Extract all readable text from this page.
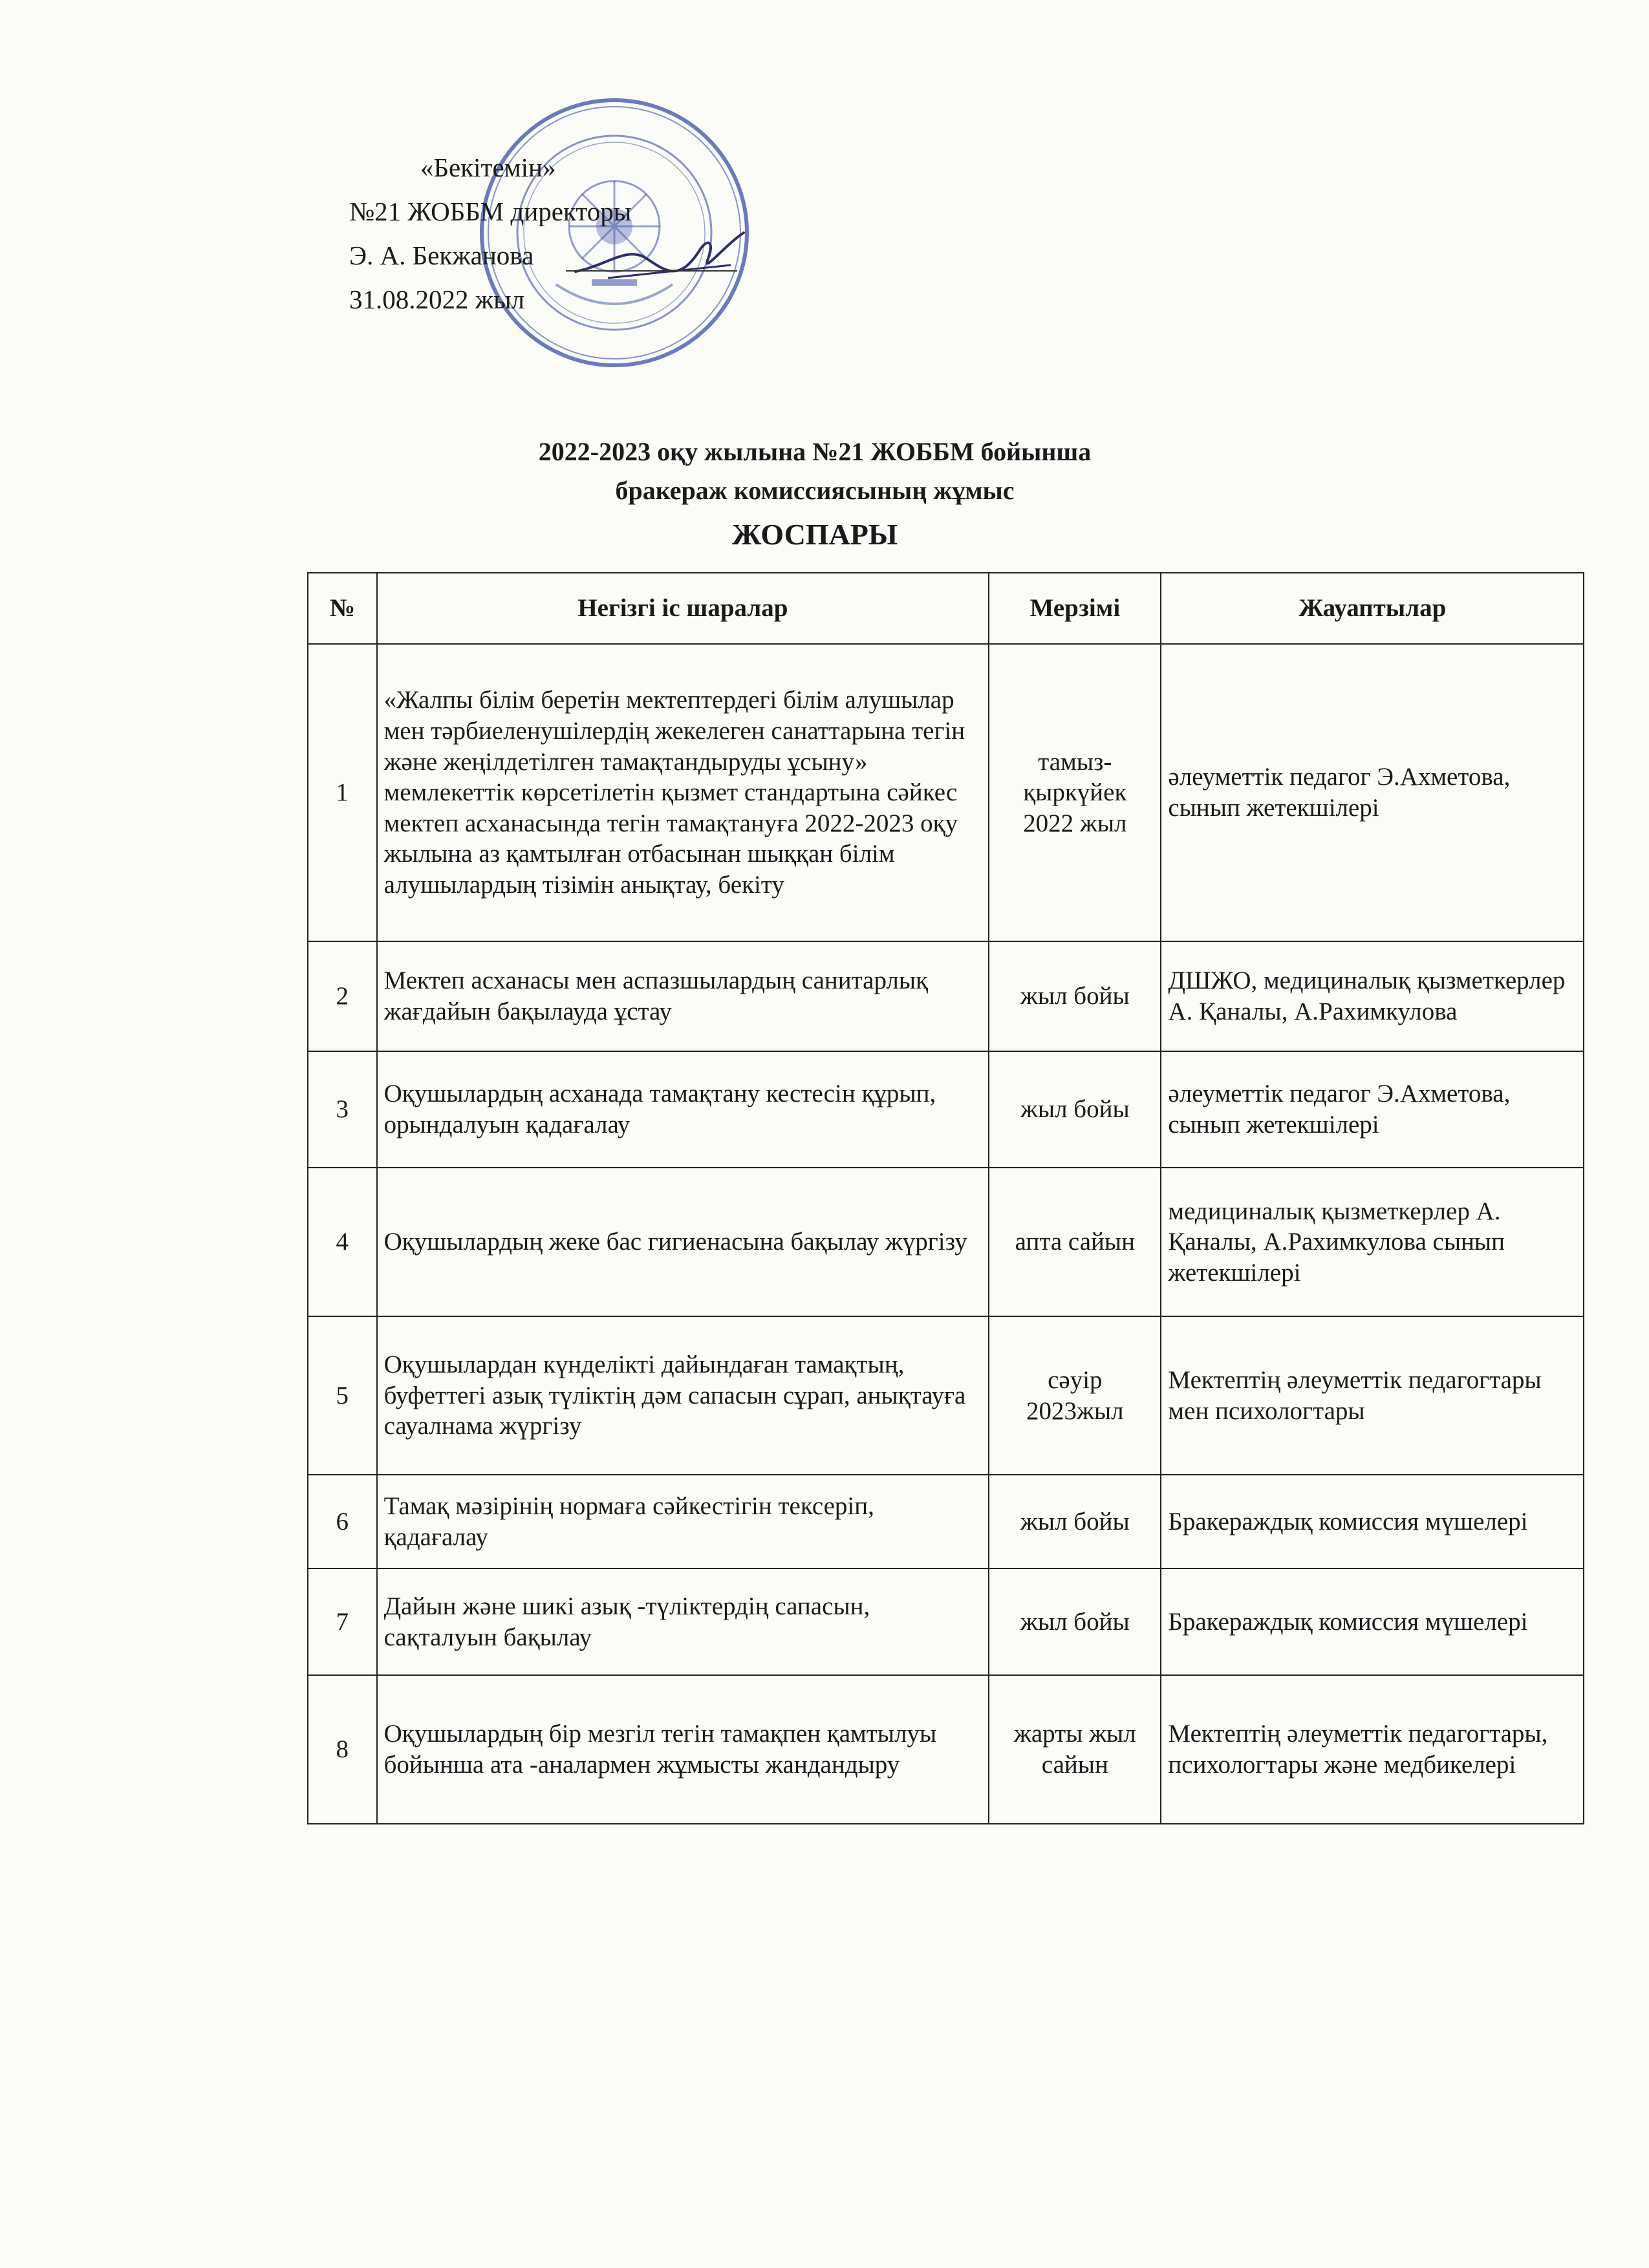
«Бекітемін»
№21 ЖОББМ директоры
Э. А. Бекжанова
31.08.2022 жыл
2022-2023 оқу жылына №21 ЖОББМ бойынша
бракераж комиссиясының жұмыс
ЖОСПАРЫ
№	Негізгі іс шаралар	Мерзімі	Жауаптылар
1	«Жалпы білім беретін мектептердегі білім алушылар мен тәрбиеленушілердің жекелеген санаттарына тегін және жеңілдетілген тамақтандыруды ұсыну» мемлекеттік көрсетілетін қызмет стандартына сәйкес мектеп асханасында тегін тамақтануға 2022-2023 оқу жылына аз қамтылған отбасынан шыққан білім алушылардың тізімін анықтау, бекіту	тамыз-қыркүйек 2022 жыл	әлеуметтік педагог Э.Ахметова, сынып жетекшілері
2	Мектеп асханасы мен аспазшылардың санитарлық жағдайын бақылауда ұстау	жыл бойы	ДШЖО, медициналық қызметкерлер А. Қаналы, А.Рахимкулова
3	Оқушылардың асханада тамақтану кестесін құрып, орындалуын қадағалау	жыл бойы	әлеуметтік педагог Э.Ахметова, сынып жетекшілері
4	Оқушылардың жеке бас гигиенасына бақылау жүргізу	апта сайын	медициналық қызметкерлер А. Қаналы, А.Рахимкулова сынып жетекшілері
5	Оқушылардан күнделікті дайындаған тамақтың, буфеттегі азық түліктің дәм сапасын сұрап, анықтауға сауалнама жүргізу	сәуір 2023жыл	Мектептің әлеуметтік педагогтары мен психологтары
6	Тамақ мәзірінің нормаға сәйкестігін тексеріп, қадағалау	жыл бойы	Бракераждық комиссия мүшелері
7	Дайын және шикі азық -түліктердің сапасын, сақталуын бақылау	жыл бойы	Бракераждық комиссия мүшелері
8	Оқушылардың бір мезгіл тегін тамақпен қамтылуы бойынша ата -аналармен жұмысты жандандыру	жарты жыл сайын	Мектептің әлеуметтік педагогтары, психологтары және медбикелері
